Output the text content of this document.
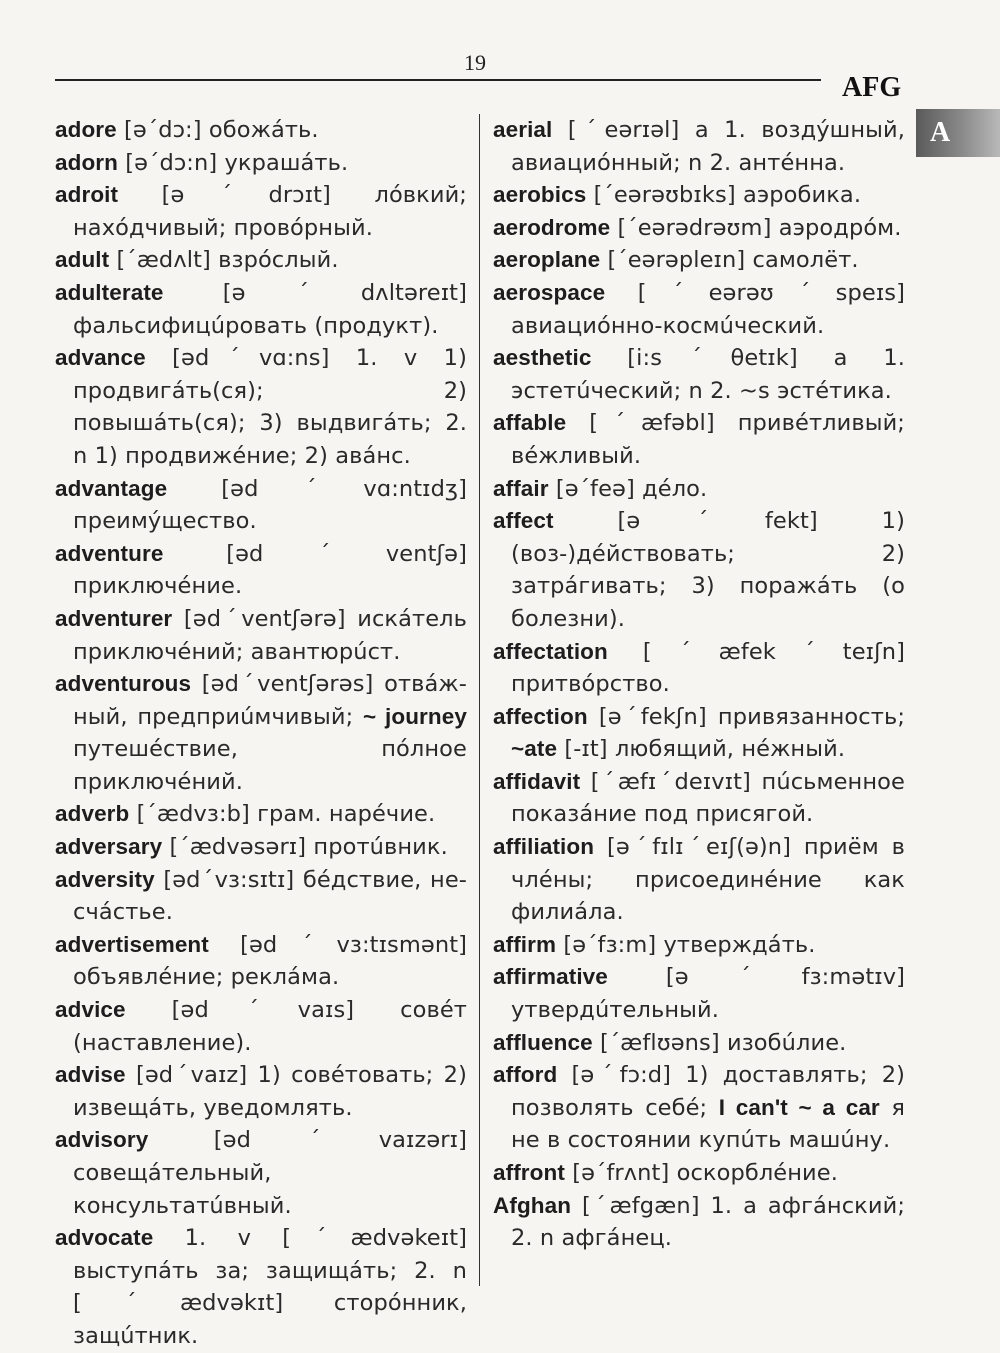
19
AFG
A

adore [əˊdɔ:] обожáть.

adorn [əˊdɔ:n] украшáть.

adroit [əˊdrɔɪt] лóвкий; нахóдчивый; провóрный.

adult [ˊædʌlt] взрóслый.

adulterate	[əˊdʌltəreɪt] фальсифицúровать (продукт).

advance [ədˊvɑ:ns] 1. v 1) продвигáть(ся); 2) повышáть(ся); 3) выдвигáть; 2. n 1) продвижéние; 2) авáнс.

advantage [ədˊvɑ:ntɪdʒ] преимýщество.

adventure	[ədˊventʃə] приключéние.

adventurer [ədˊventʃərə] искáтель приключéний; авантюрúст.

adventurous [ədˊventʃərəs] отвáж-ный, предприúмчивый; ~ journey путешéствие, пóлное приключéний.

adverb [ˊædvɜ:b] грам. нарéчие.

adversary [ˊædvəsərɪ] протúвник.

adversity [ədˊvɜ:sɪtɪ] бéдствие, не-счáстье.

advertisement [ədˊvɜ:tɪsmənt] объявлéние; реклáма.

advice [ədˊvaɪs] совéт (наставление).

advise [ədˊvaɪz] 1) совéтовать; 2) извещáть, уведомлять.

advisory	[ədˊvaɪzərɪ] совещáтельный, консультатúвный.

advocate 1. v [ˊædvəkeɪt] выступáть за; защищáть; 2. n [ˊædvəkɪt] сторóнник, защúтник.

aerial [ˊeərɪəl] a 1. воздýшный, авиациóнный; n 2. антéнна.

aerobics [ˊeərəʊbɪks] аэробика.

aerodrome [ˊeərədrəʊm] аэродрóм.

aeroplane [ˊeərəpleɪn] самолёт.

aerospace [ˊeərəʊˊspeɪs] авиациóнно-космúческий.

aesthetic [i:sˊθetɪk] a 1. эстетúческий; n 2. ~s эстéтика.

affable [ˊæfəbl] привéтливый; вéжливый.

affair [əˊfeə] дéло.

affect	[əˊfekt] 1) (воз-)дéйствовать; 2) затрáгивать; 3) поражáть (о болезни).

affectation [ˊæfekˊteɪʃn] притвóрство.

affection [əˊfekʃn] привязанность; ~ate [-ɪt] любящий, нéжный.

affidavit [ˊæfɪˊdeɪvɪt] пúсьменное показáние под присягой.

affiliation [əˊfɪlɪˊeɪʃ(ə)n] приём в члéны; присоединéние как филиáла.

affirm [əˊfɜ:m] утверждáть.

affirmative	[əˊfɜ:mətɪv] утвердúтельный.

affluence [ˊæflʊəns] изобúлие.

afford [əˊfɔ:d] 1) доставлять; 2) позволять себé; I can't ~ a car я не в состоянии купúть машúну.

affront [əˊfrʌnt] оскорблéние.

Afghan [ˊæfgæn] 1. a афгáнский; 2. n афгáнец.
